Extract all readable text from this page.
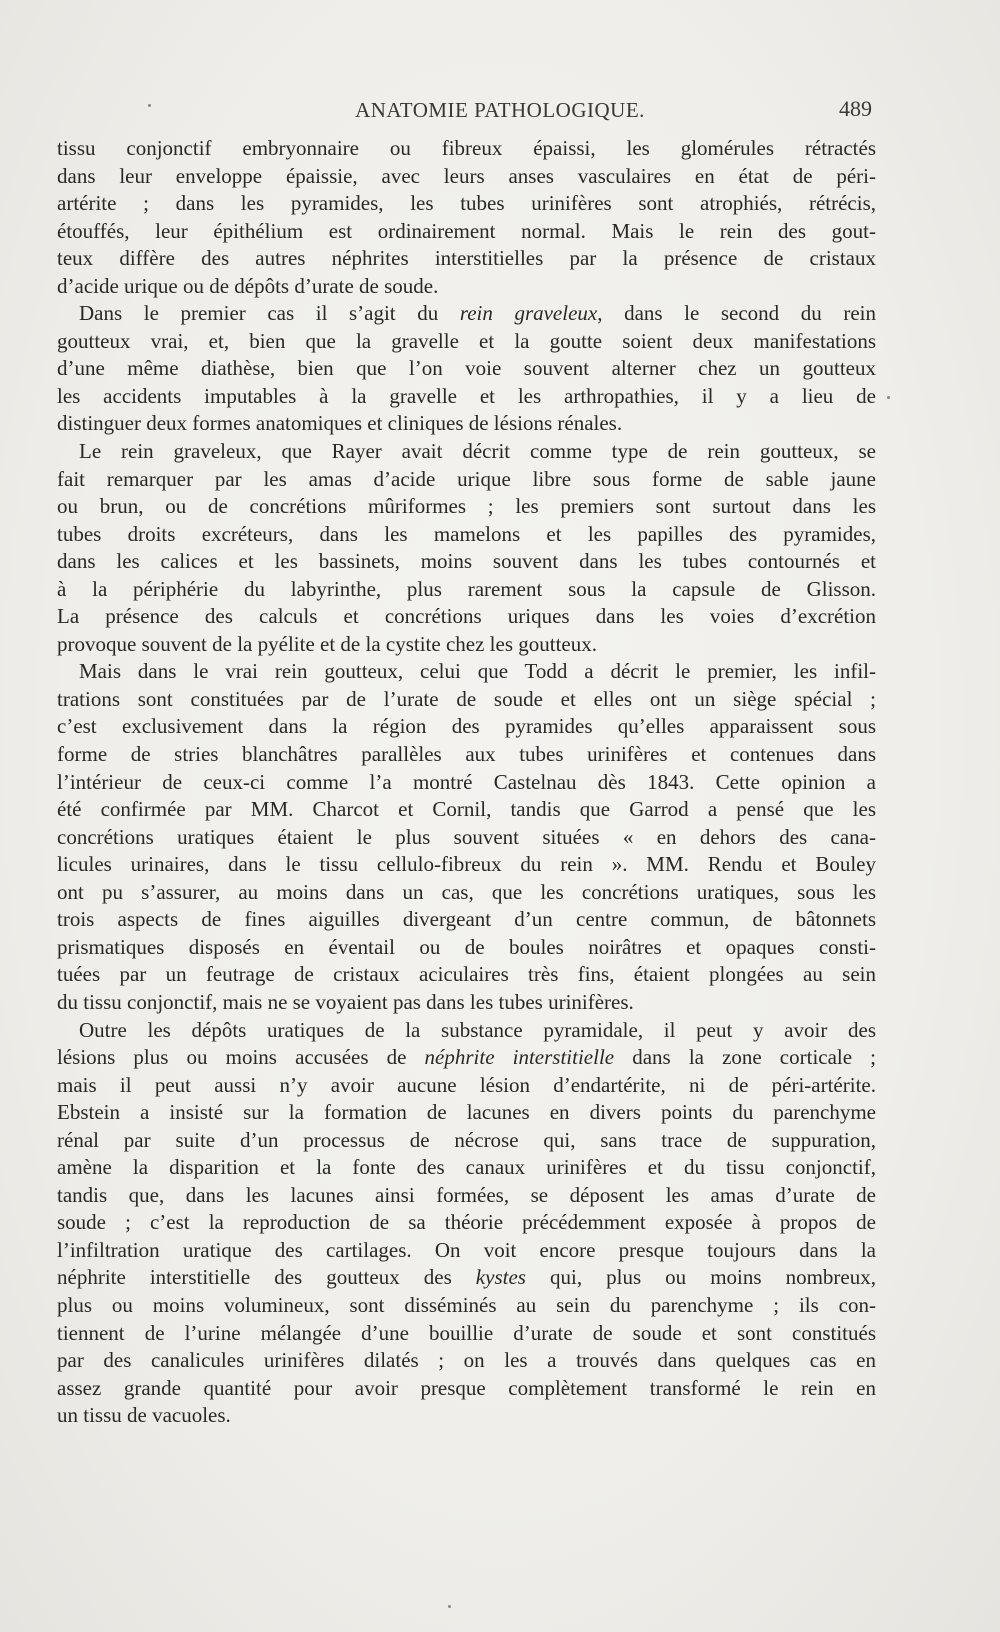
ANATOMIE PATHOLOGIQUE.	489
tissu conjonctif embryonnaire ou fibreux épaissi, les glomérules rétractés
dans leur enveloppe épaissie, avec leurs anses vasculaires en état de péri-
artérite ; dans les pyramides, les tubes urinifères sont atrophiés, rétrécis,
étouffés, leur épithélium est ordinairement normal. Mais le rein des gout-
teux diffère des autres néphrites interstitielles par la présence de cristaux
d’acide urique ou de dépôts d’urate de soude.
Dans le premier cas il s’agit du rein graveleux, dans le second du rein
goutteux vrai, et, bien que la gravelle et la goutte soient deux manifestations
d’une même diathèse, bien que l’on voie souvent alterner chez un goutteux
les accidents imputables à la gravelle et les arthropathies, il y a lieu de
distinguer deux formes anatomiques et cliniques de lésions rénales.
Le rein graveleux, que Rayer avait décrit comme type de rein goutteux, se
fait remarquer par les amas d’acide urique libre sous forme de sable jaune
ou brun, ou de concrétions mûriformes ; les premiers sont surtout dans les
tubes droits excréteurs, dans les mamelons et les papilles des pyramides,
dans les calices et les bassinets, moins souvent dans les tubes contournés et
à la périphérie du labyrinthe, plus rarement sous la capsule de Glisson.
La présence des calculs et concrétions uriques dans les voies d’excrétion
provoque souvent de la pyélite et de la cystite chez les goutteux.
Mais dans le vrai rein goutteux, celui que Todd a décrit le premier, les infil-
trations sont constituées par de l’urate de soude et elles ont un siège spécial ;
c’est exclusivement dans la région des pyramides qu’elles apparaissent sous
forme de stries blanchâtres parallèles aux tubes urinifères et contenues dans
l’intérieur de ceux-ci comme l’a montré Castelnau dès 1843. Cette opinion a
été confirmée par MM. Charcot et Cornil, tandis que Garrod a pensé que les
concrétions uratiques étaient le plus souvent situées « en dehors des cana-
licules urinaires, dans le tissu cellulo-fibreux du rein ». MM. Rendu et Bouley
ont pu s’assurer, au moins dans un cas, que les concrétions uratiques, sous les
trois aspects de fines aiguilles divergeant d’un centre commun, de bâtonnets
prismatiques disposés en éventail ou de boules noirâtres et opaques consti-
tuées par un feutrage de cristaux aciculaires très fins, étaient plongées au sein
du tissu conjonctif, mais ne se voyaient pas dans les tubes urinifères.
Outre les dépôts uratiques de la substance pyramidale, il peut y avoir des
lésions plus ou moins accusées de néphrite interstitielle dans la zone corticale ;
mais il peut aussi n’y avoir aucune lésion d’endartérite, ni de péri-artérite.
Ebstein a insisté sur la formation de lacunes en divers points du parenchyme
rénal par suite d’un processus de nécrose qui, sans trace de suppuration,
amène la disparition et la fonte des canaux urinifères et du tissu conjonctif,
tandis que, dans les lacunes ainsi formées, se déposent les amas d’urate de
soude ; c’est la reproduction de sa théorie précédemment exposée à propos de
l’infiltration uratique des cartilages. On voit encore presque toujours dans la
néphrite interstitielle des goutteux des kystes qui, plus ou moins nombreux,
plus ou moins volumineux, sont disséminés au sein du parenchyme ; ils con-
tiennent de l’urine mélangée d’une bouillie d’urate de soude et sont constitués
par des canalicules urinifères dilatés ; on les a trouvés dans quelques cas en
assez grande quantité pour avoir presque complètement transformé le rein en
un tissu de vacuoles.
